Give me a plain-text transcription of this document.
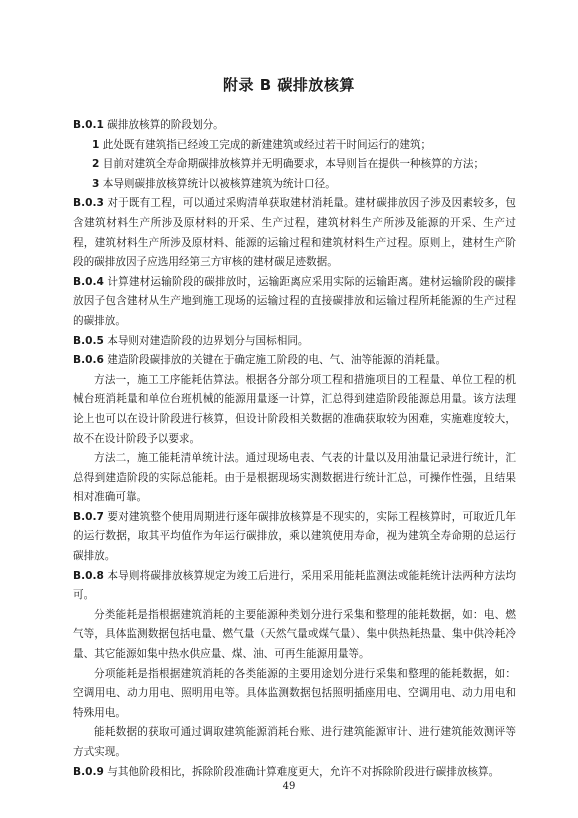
附录 B 碳排放核算

B.0.1 碳排放核算的阶段划分。

1 此处既有建筑指已经竣工完成的新建建筑或经过若干时间运行的建筑；

2 目前对建筑全寿命期碳排放核算并无明确要求，本导则旨在提供一种核算的方法；

3 本导则碳排放核算统计以被核算建筑为统计口径。

B.0.3 对于既有工程，可以通过采购清单获取建材消耗量。建材碳排放因子涉及因素较多，包含建筑材料生产所涉及原材料的开采、生产过程，建筑材料生产所涉及能源的开采、生产过程，建筑材料生产所涉及原材料、能源的运输过程和建筑材料生产过程。原则上，建材生产阶段的碳排放因子应选用经第三方审核的建材碳足迹数据。

B.0.4 计算建材运输阶段的碳排放时，运输距离应采用实际的运输距离。建材运输阶段的碳排放因子包含建材从生产地到施工现场的运输过程的直接碳排放和运输过程所耗能源的生产过程的碳排放。

B.0.5 本导则对建造阶段的边界划分与国标相同。

B.0.6 建造阶段碳排放的关键在于确定施工阶段的电、气、油等能源的消耗量。

方法一，施工工序能耗估算法。根据各分部分项工程和措施项目的工程量、单位工程的机械台班消耗量和单位台班机械的能源用量逐一计算，汇总得到建造阶段能源总用量。该方法理论上也可以在设计阶段进行核算，但设计阶段相关数据的准确获取较为困难，实施难度较大，故不在设计阶段予以要求。

方法二，施工能耗清单统计法。通过现场电表、气表的计量以及用油量记录进行统计，汇总得到建造阶段的实际总能耗。由于是根据现场实测数据进行统计汇总，可操作性强，且结果相对准确可靠。

B.0.7 要对建筑整个使用周期进行逐年碳排放核算是不现实的，实际工程核算时，可取近几年的运行数据，取其平均值作为年运行碳排放，乘以建筑使用寿命，视为建筑全寿命期的总运行碳排放。

B.0.8 本导则将碳排放核算规定为竣工后进行，采用采用能耗监测法或能耗统计法两种方法均可。

分类能耗是指根据建筑消耗的主要能源种类划分进行采集和整理的能耗数据，如：电、燃气等，具体监测数据包括电量、燃气量（天然气量或煤气量）、集中供热耗热量、集中供冷耗冷量、其它能源如集中热水供应量、煤、油、可再生能源用量等。

分项能耗是指根据建筑消耗的各类能源的主要用途划分进行采集和整理的能耗数据，如：空调用电、动力用电、照明用电等。具体监测数据包括照明插座用电、空调用电、动力用电和特殊用电。

能耗数据的获取可通过调取建筑能源消耗台账、进行建筑能源审计、进行建筑能效测评等方式实现。

B.0.9 与其他阶段相比，拆除阶段准确计算难度更大，允许不对拆除阶段进行碳排放核算。

49
